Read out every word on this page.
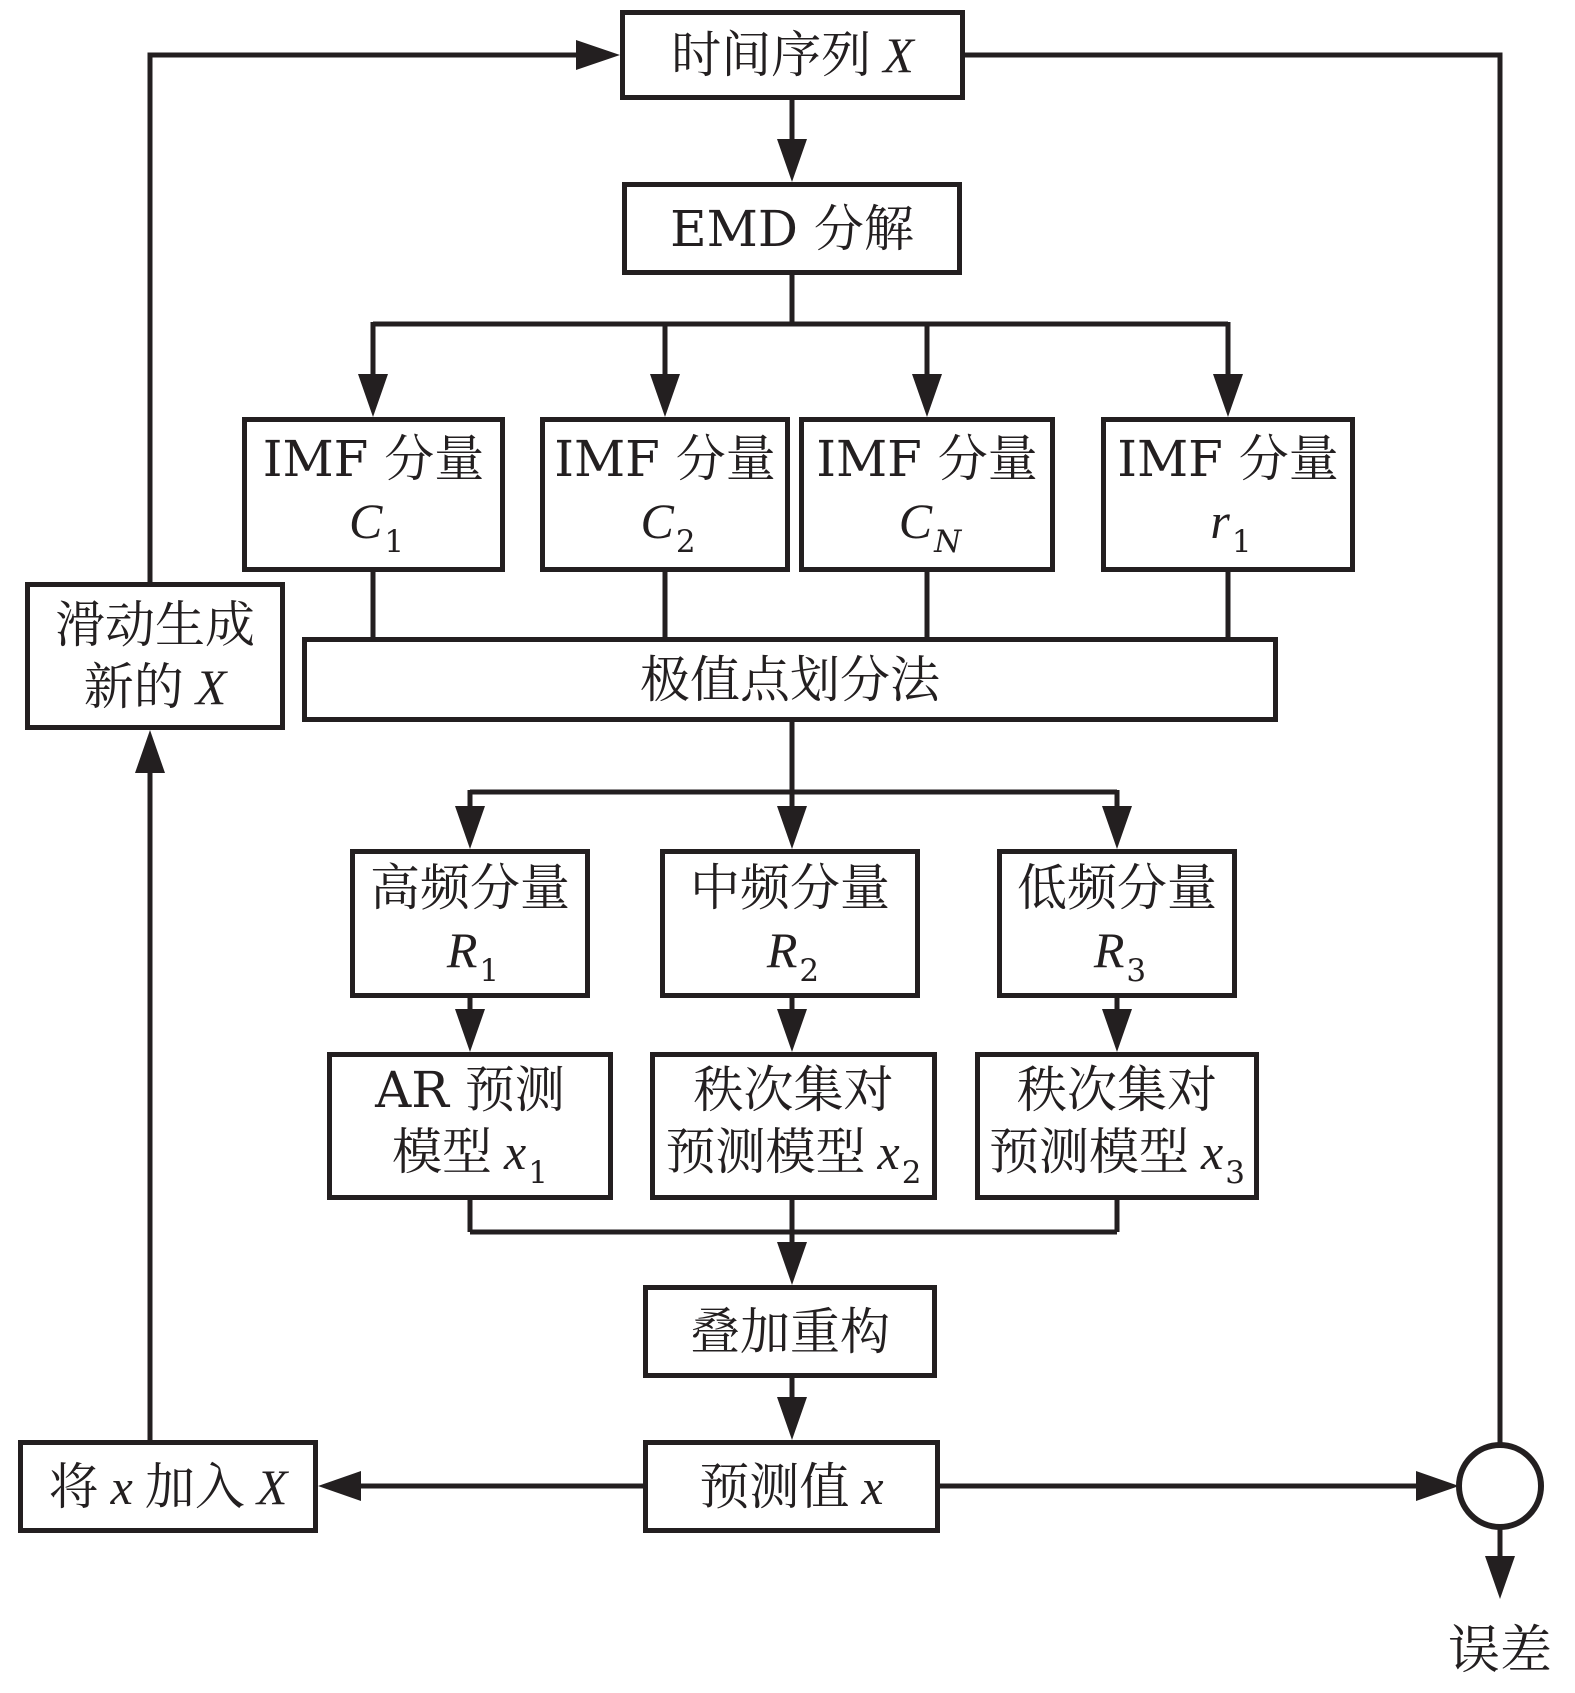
时间序列 X
EMD 分解
IMF 分量
$C_1$
IMF 分量
$C_2$
IMF 分量
$C_N$
IMF 分量
$r_1$
滑动生成
新的 X	极值点划分法
高频分量
$R_1$
中频分量
$R_2$
低频分量
$R_3$
AR 预测
模型 $x_1$
秩次集对
预测模型 $x_2$
秩次集对
预测模型 $x_3$
叠加重构
预测值 x
将 x 加入 X
误差
